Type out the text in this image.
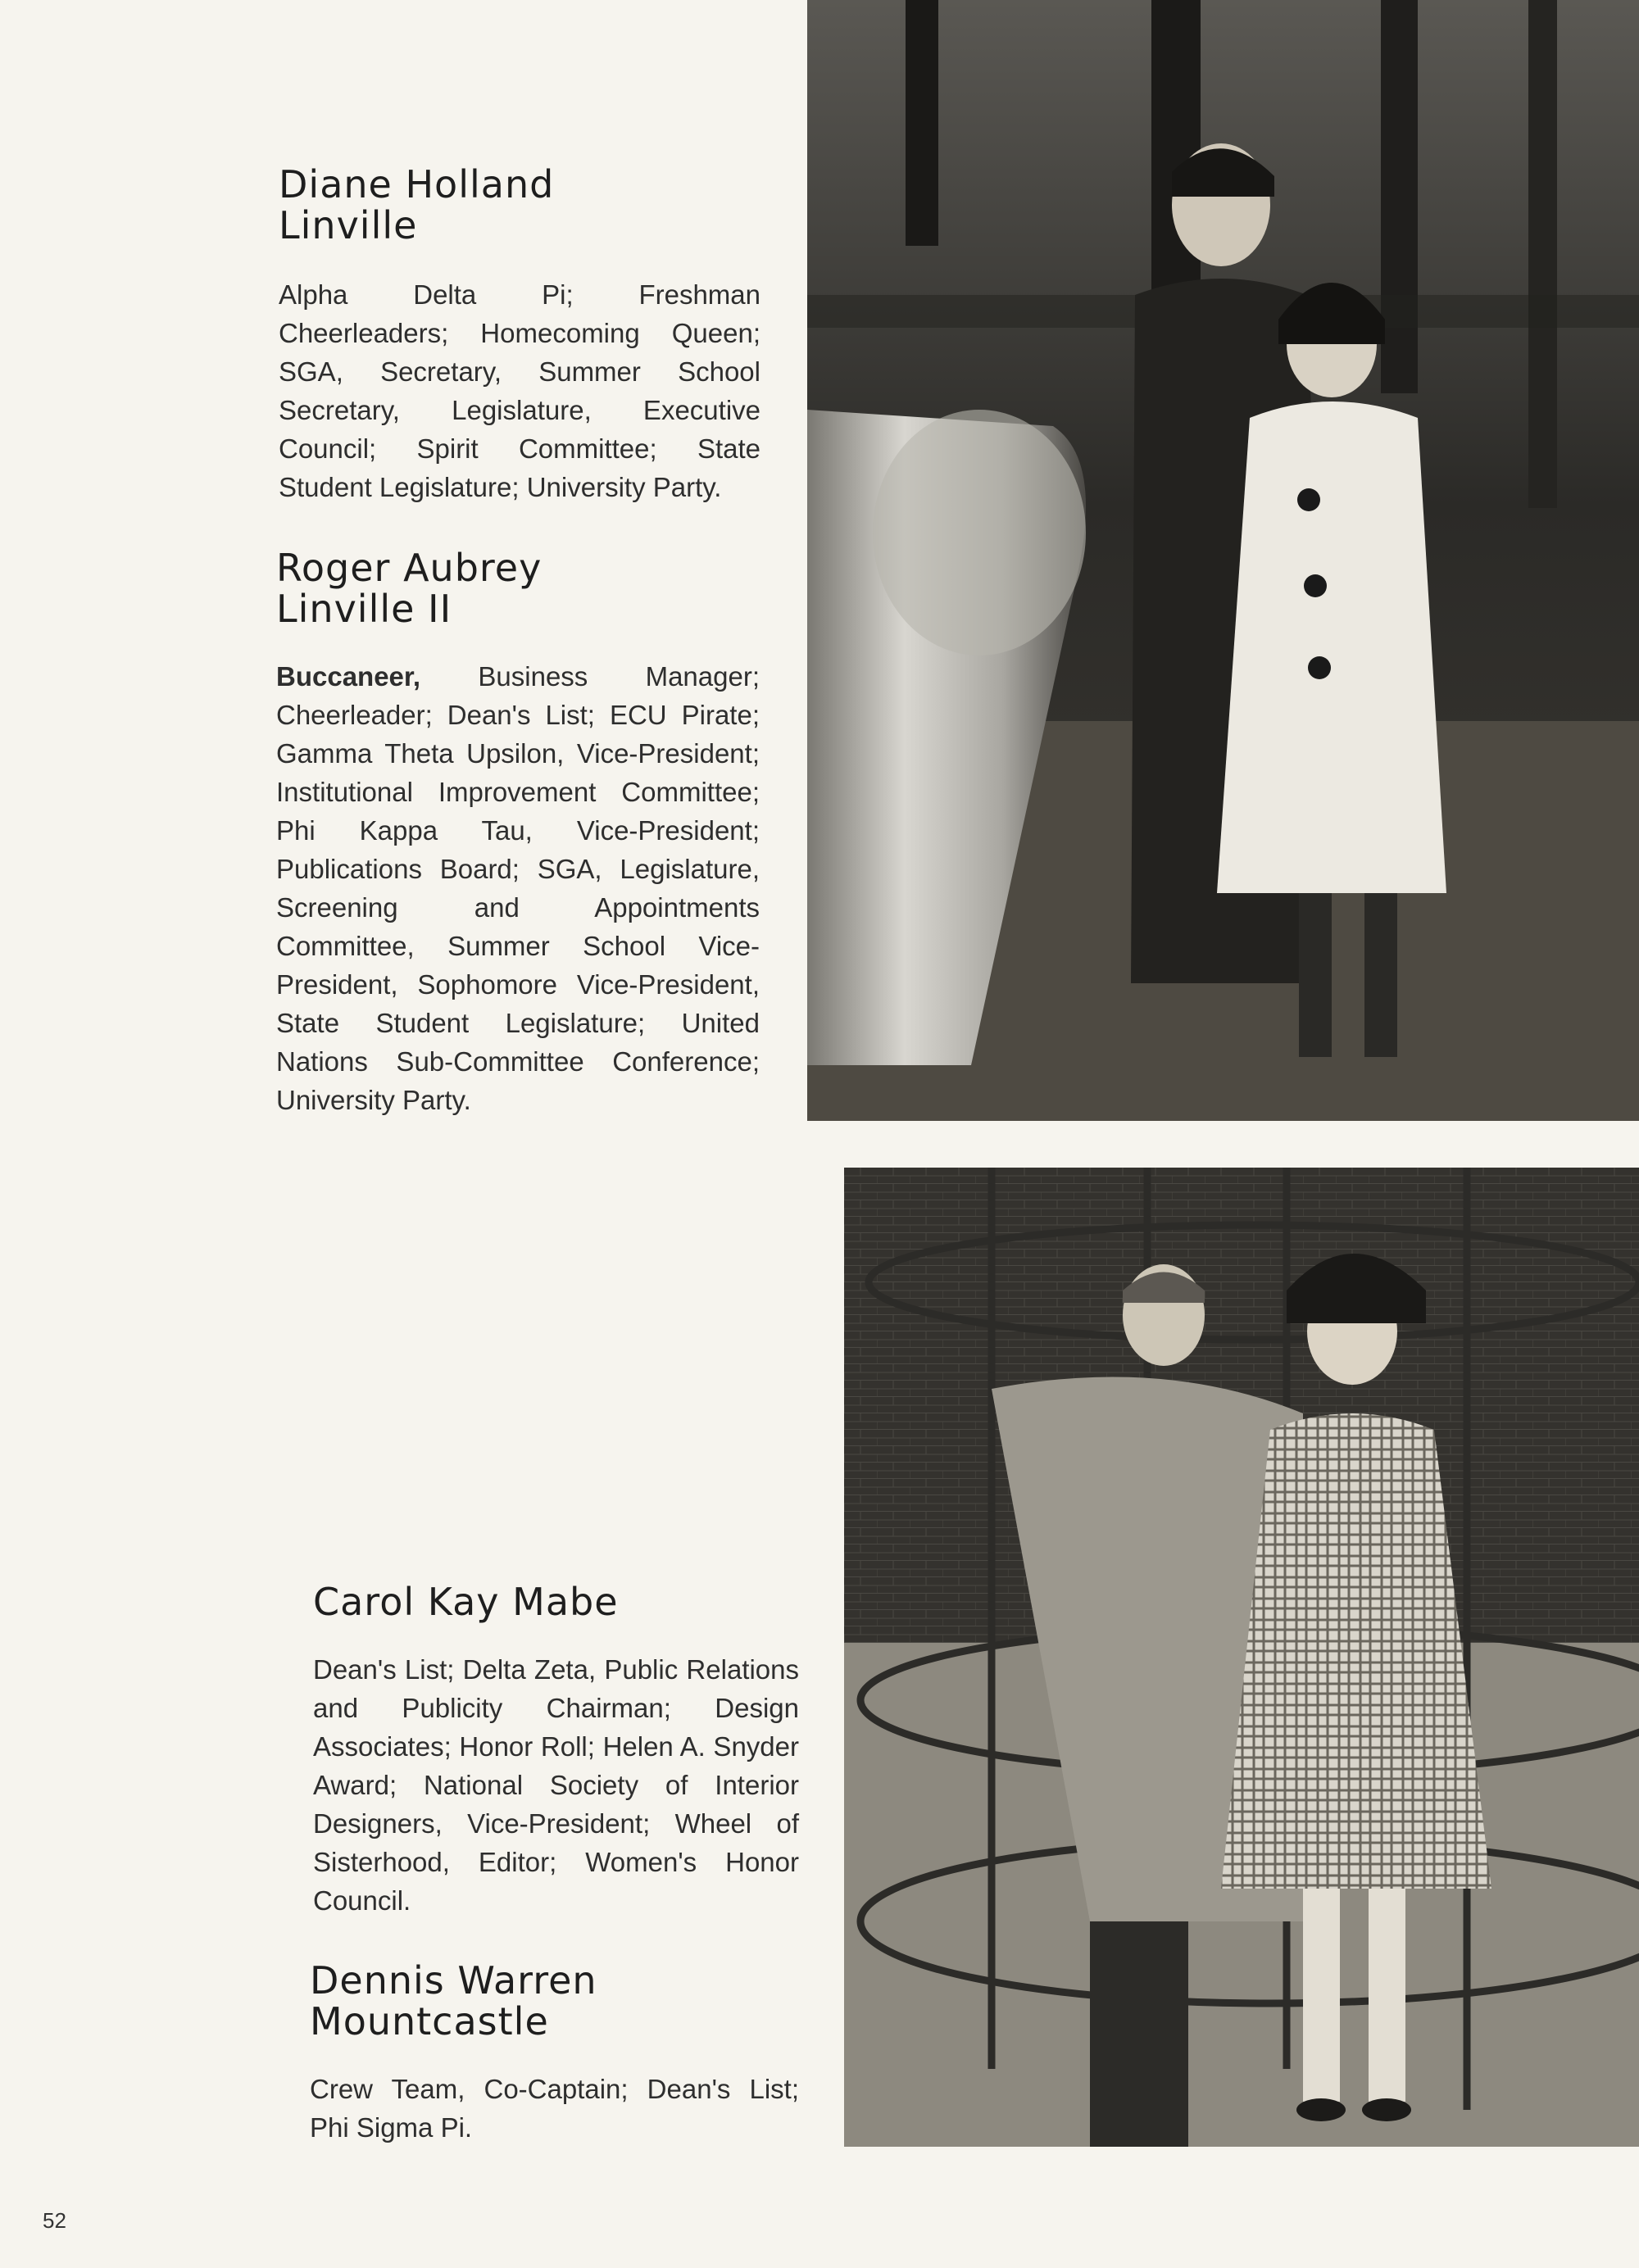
Diane Holland
Linville

Alpha Delta Pi; Freshman Cheerleaders; Homecoming Queen; SGA, Secretary, Summer School Secretary, Legislature, Executive Council; Spirit Committee; State Student Legislature; University Party.

Roger Aubrey
Linville II

Buccaneer, Business Manager; Cheerleader; Dean's List; ECU Pirate; Gamma Theta Upsilon, Vice-President; Institutional Improvement Committee; Phi Kappa Tau, Vice-President; Publications Board; SGA, Legislature, Screening and Appointments Committee, Summer School Vice-President, Sophomore Vice-President, State Student Legislature; United Nations Sub-Committee Conference; University Party.

Carol Kay Mabe

Dean's List; Delta Zeta, Public Relations and Publicity Chairman; Design Associates; Honor Roll; Helen A. Snyder Award; National Society of Interior Designers, Vice-President; Wheel of Sisterhood, Editor; Women's Honor Council.

Dennis Warren
Mountcastle

Crew Team, Co-Captain; Dean's List; Phi Sigma Pi.

52
